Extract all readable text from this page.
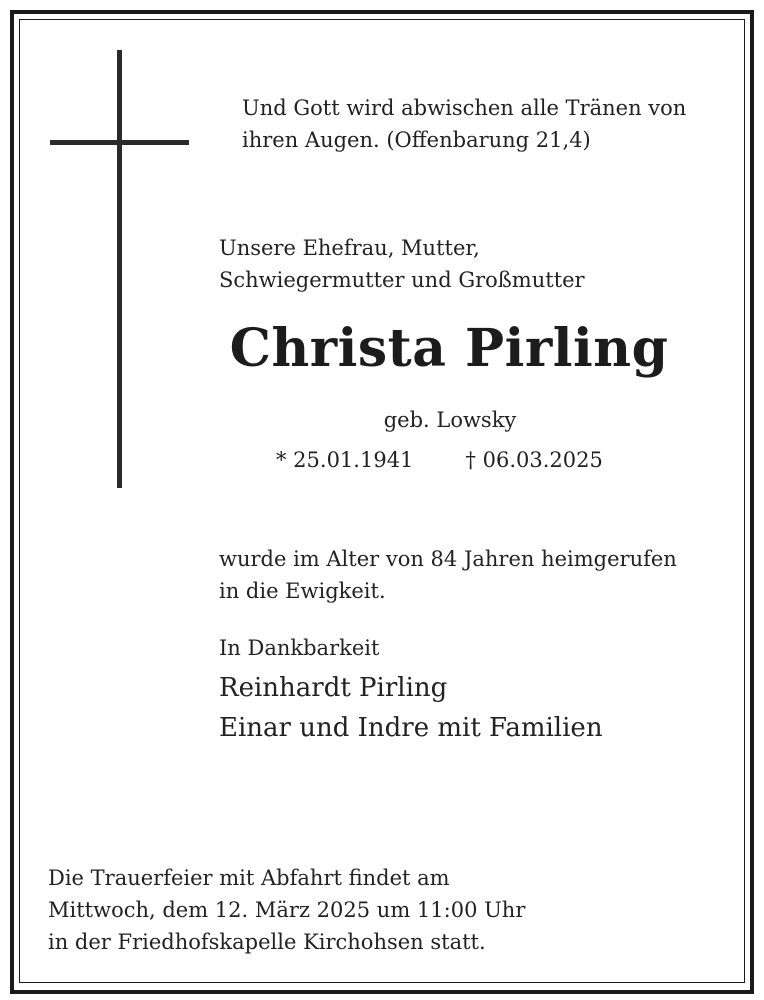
Und Gott wird abwischen alle Tränen von
ihren Augen. (Offenbarung 21,4)
Unsere Ehefrau, Mutter,
Schwiegermutter und Großmutter
Christa Pirling
geb. Lowsky
* 25.01.1941 † 06.03.2025
wurde im Alter von 84 Jahren heimgerufen
in die Ewigkeit.
In Dankbarkeit
Reinhardt Pirling
Einar und Indre mit Familien
Die Trauerfeier mit Abfahrt findet am
Mittwoch, dem 12. März 2025 um 11:00 Uhr
in der Friedhofskapelle Kirchohsen statt.
